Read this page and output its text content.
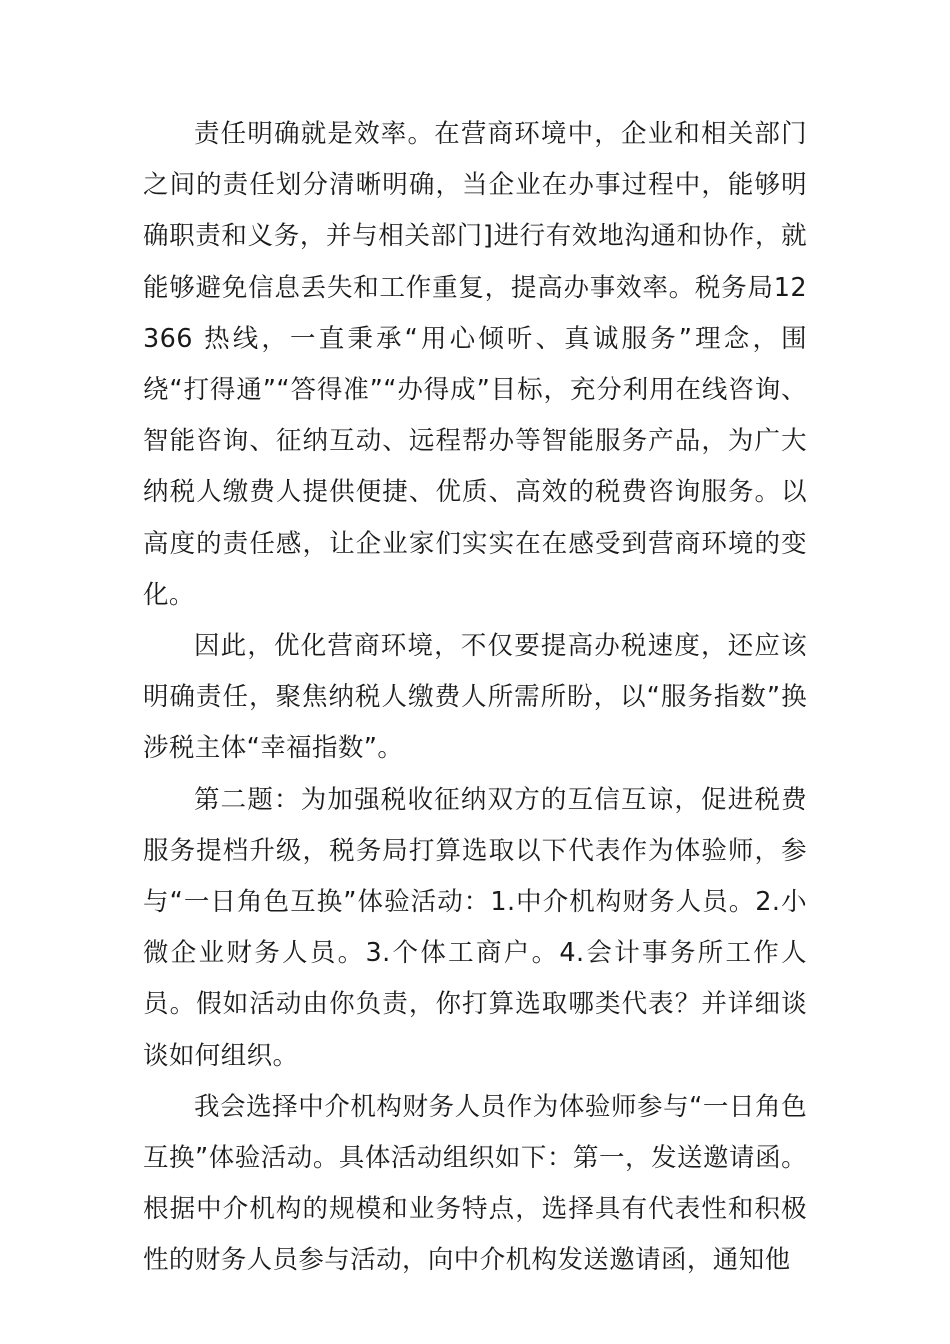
责任明确就是效率。在营商环境中，企业和相关部门之间的责任划分清晰明确，当企业在办事过程中，能够明确职责和义务，并与相关部门]进行有效地沟通和协作，就能够避免信息丢失和工作重复，提高办事效率。税务局12366 热线，一直秉承“用心倾听、真诚服务”理念，围绕“打得通”“答得准”“办得成”目标，充分利用在线咨询、智能咨询、征纳互动、远程帮办等智能服务产品，为广大纳税人缴费人提供便捷、优质、高效的税费咨询服务。以高度的责任感，让企业家们实实在在感受到营商环境的变化。

因此，优化营商环境，不仅要提高办税速度，还应该明确责任，聚焦纳税人缴费人所需所盼，以“服务指数”换涉税主体“幸福指数”。

第二题：为加强税收征纳双方的互信互谅，促进税费服务提档升级，税务局打算选取以下代表作为体验师，参与“一日角色互换”体验活动：1.中介机构财务人员。2.小微企业财务人员。3.个体工商户。4.会计事务所工作人员。假如活动由你负责，你打算选取哪类代表？并详细谈谈如何组织。

我会选择中介机构财务人员作为体验师参与“一日角色互换”体验活动。具体活动组织如下：第一，发送邀请函。根据中介机构的规模和业务特点，选择具有代表性和积极性的财务人员参与活动，向中介机构发送邀请函，通知他
